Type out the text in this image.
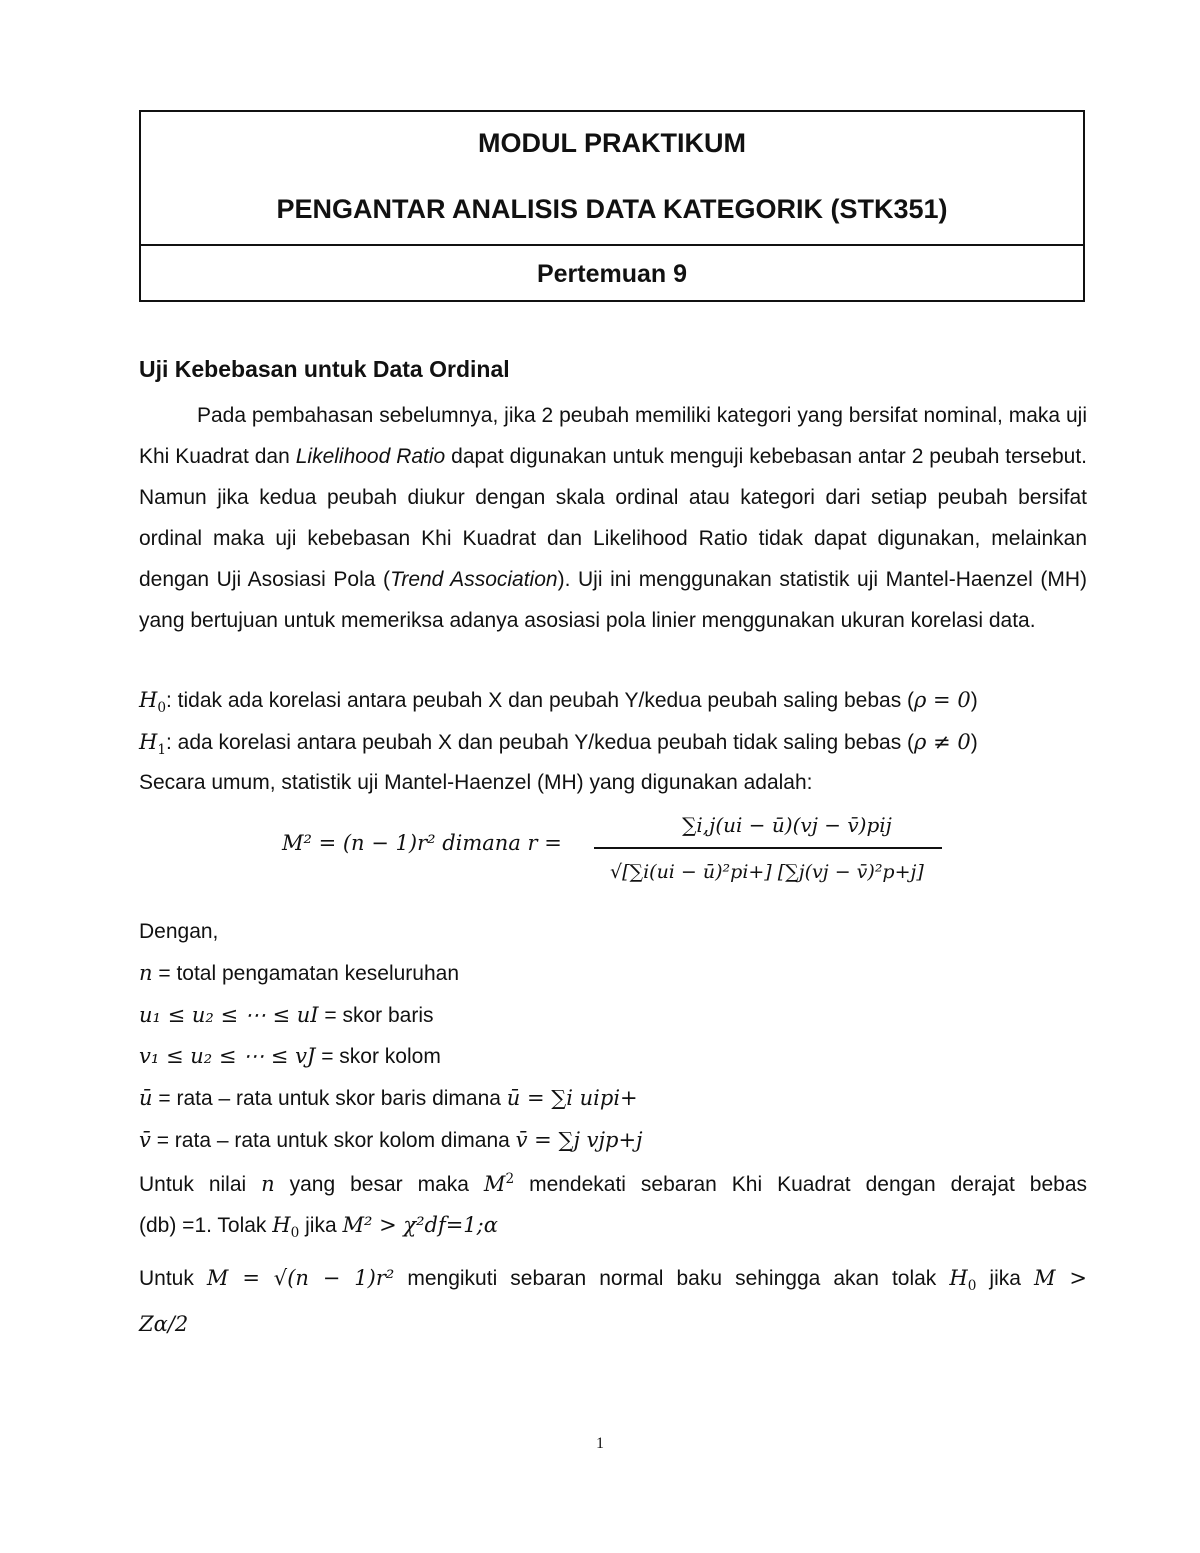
MODUL PRAKTIKUM
PENGANTAR ANALISIS DATA KATEGORIK (STK351)
Pertemuan 9
Uji Kebebasan untuk Data Ordinal
Pada pembahasan sebelumnya, jika 2 peubah memiliki kategori yang bersifat nominal, maka uji Khi Kuadrat dan Likelihood Ratio dapat digunakan untuk menguji kebebasan antar 2 peubah tersebut. Namun jika kedua peubah diukur dengan skala ordinal atau kategori dari setiap peubah bersifat ordinal maka uji kebebasan Khi Kuadrat dan Likelihood Ratio tidak dapat digunakan, melainkan dengan Uji Asosiasi Pola (Trend Association). Uji ini menggunakan statistik uji Mantel-Haenzel (MH) yang bertujuan untuk memeriksa adanya asosiasi pola linier menggunakan ukuran korelasi data.
$H_0$: tidak ada korelasi antara peubah X dan peubah Y/kedua peubah saling bebas (ρ = 0)
$H_1$: ada korelasi antara peubah X dan peubah Y/kedua peubah tidak saling bebas (ρ ≠ 0)
Secara umum, statistik uji Mantel-Haenzel (MH) yang digunakan adalah:
M² = (n − 1)r² dimana r =
∑i,j(ui − ū)(vj − v̄)pij
√[∑i(ui − ū)²pi+] [∑j(vj − v̄)²p+j]
Dengan,
n = total pengamatan keseluruhan
u₁ ≤ u₂ ≤ ⋯ ≤ uI = skor baris
v₁ ≤ u₂ ≤ ⋯ ≤ vJ = skor kolom
ū = rata – rata untuk skor baris dimana ū = ∑i uipi+
v̄ = rata – rata untuk skor kolom dimana v̄ = ∑j vjp+j
Untuk nilai n yang besar maka $M^2$ mendekati sebaran Khi Kuadrat dengan derajat bebas
(db) =1. Tolak $H_0$ jika M² > χ²df=1;α
Untuk M = √(n − 1)r² mengikuti sebaran normal baku sehingga akan tolak $H_0$ jika M >
Zα/2
1
